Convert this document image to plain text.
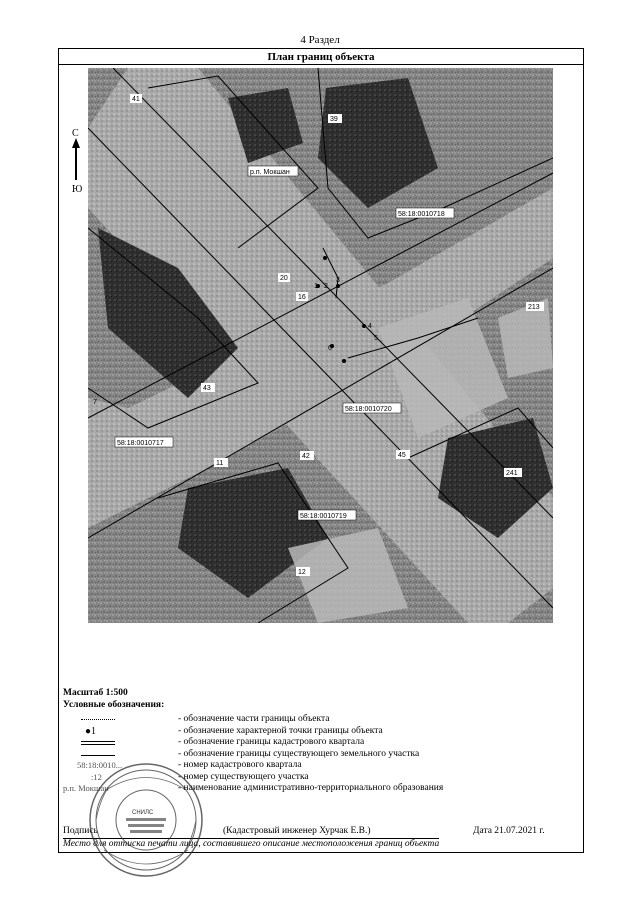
4 Раздел
План границ объекта
С
Ю
41
39
р.п. Мокшан
58:18:0010718
20
1 2
3
213
16
4
5
6
43
58:18:0010720
7
58:18:0010717
11
42	45
241
58:18:0010719
12
Масштаб 1:500
Условные обозначения:
- обозначение части границы объекта
●1	- обозначение характерной точки границы объекта
- обозначение границы кадастрового квартала
- обозначение границы существующего земельного участка
58:18:0010...	- номер кадастрового квартала
:12	- номер существующего участка
р.п. Мокшан	- наименование административно-территориального образования
Подпись	(Кадастровый инженер Хурчак Е.В.)	Дата 21.07.2021 г.
Место для оттиска печати лица, составившего описание местоположения границ объекта
СНИЛС
